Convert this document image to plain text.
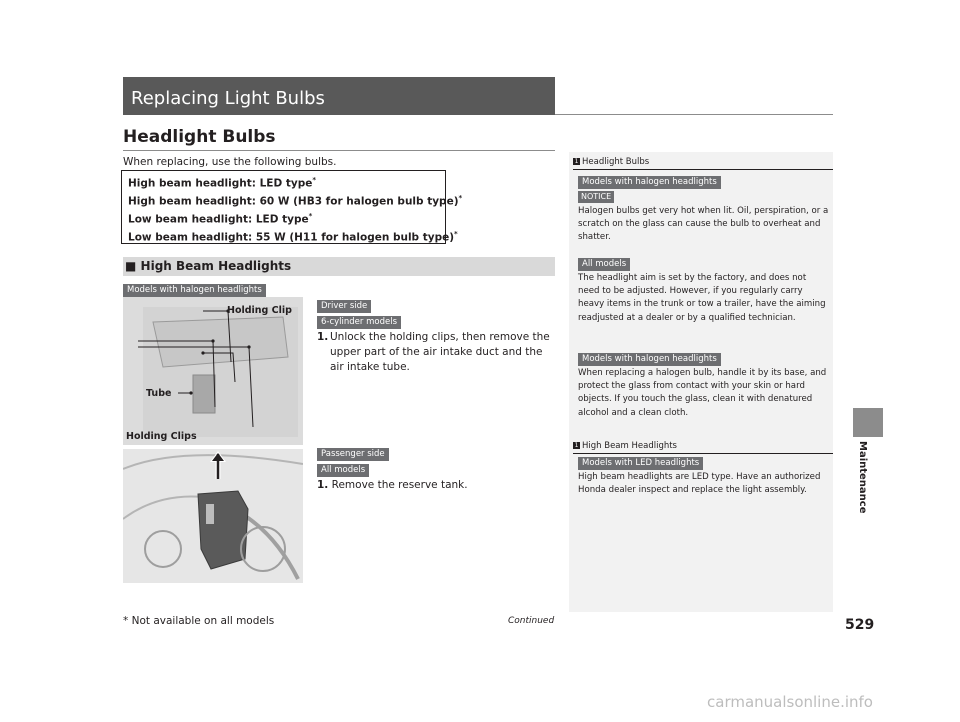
Replacing Light Bulbs
Headlight Bulbs
When replacing, use the following bulbs.
High beam headlight: LED type*
High beam headlight: 60 W (HB3 for halogen bulb type)*
Low beam headlight: LED type*
Low beam headlight: 55 W (H11 for halogen bulb type)*
■ High Beam Headlights
Models with halogen headlights
Holding Clip
Tube
Holding Clips
Driver side
6-cylinder models
1. Unlock the holding clips, then remove the upper part of the air intake duct and the air intake tube.
Passenger side
All models
1. Remove the reserve tank.
1 Headlight Bulbs
Models with halogen headlights
NOTICE
Halogen bulbs get very hot when lit. Oil, perspiration, or a scratch on the glass can cause the bulb to overheat and shatter.
All models
The headlight aim is set by the factory, and does not need to be adjusted. However, if you regularly carry heavy items in the trunk or tow a trailer, have the aiming readjusted at a dealer or by a qualified technician.
Models with halogen headlights
When replacing a halogen bulb, handle it by its base, and protect the glass from contact with your skin or hard objects. If you touch the glass, clean it with denatured alcohol and a clean cloth.
1 High Beam Headlights
Models with LED headlights
High beam headlights are LED type. Have an authorized Honda dealer inspect and replace the light assembly.	Maintenance
* Not available on all models	Continued	529
carmanualsonline.info
